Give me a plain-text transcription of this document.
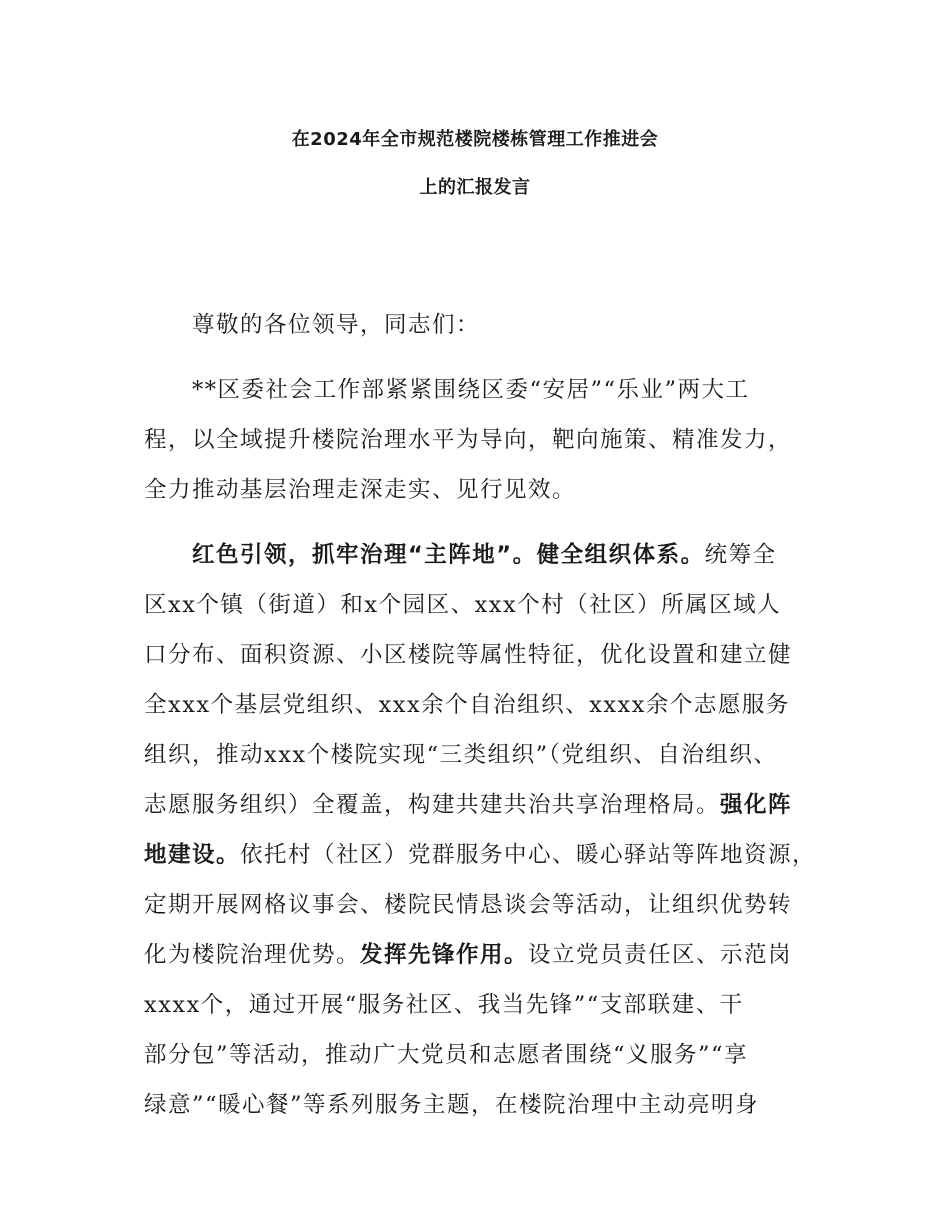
在2024年全市规范楼院楼栋管理工作推进会
上的汇报发言
尊敬的各位领导，同志们：
**区委社会工作部紧紧围绕区委“安居”“乐业”两大工
程，以全域提升楼院治理水平为导向，靶向施策、精准发力，
全力推动基层治理走深走实、见行见效。
红色引领，抓牢治理“主阵地”。健全组织体系。统筹全
区xx个镇（街道）和x个园区、xxx个村（社区）所属区域人
口分布、面积资源、小区楼院等属性特征，优化设置和建立健
全xxx个基层党组织、xxx余个自治组织、xxxx余个志愿服务
组织，推动xxx个楼院实现“三类组织”（党组织、自治组织、
志愿服务组织）全覆盖，构建共建共治共享治理格局。强化阵
地建设。依托村（社区）党群服务中心、暖心驿站等阵地资源，
定期开展网格议事会、楼院民情恳谈会等活动，让组织优势转
化为楼院治理优势。发挥先锋作用。设立党员责任区、示范岗
xxxx个，通过开展“服务社区、我当先锋”“支部联建、干
部分包”等活动，推动广大党员和志愿者围绕“义服务”“享
绿意”“暖心餐”等系列服务主题，在楼院治理中主动亮明身
